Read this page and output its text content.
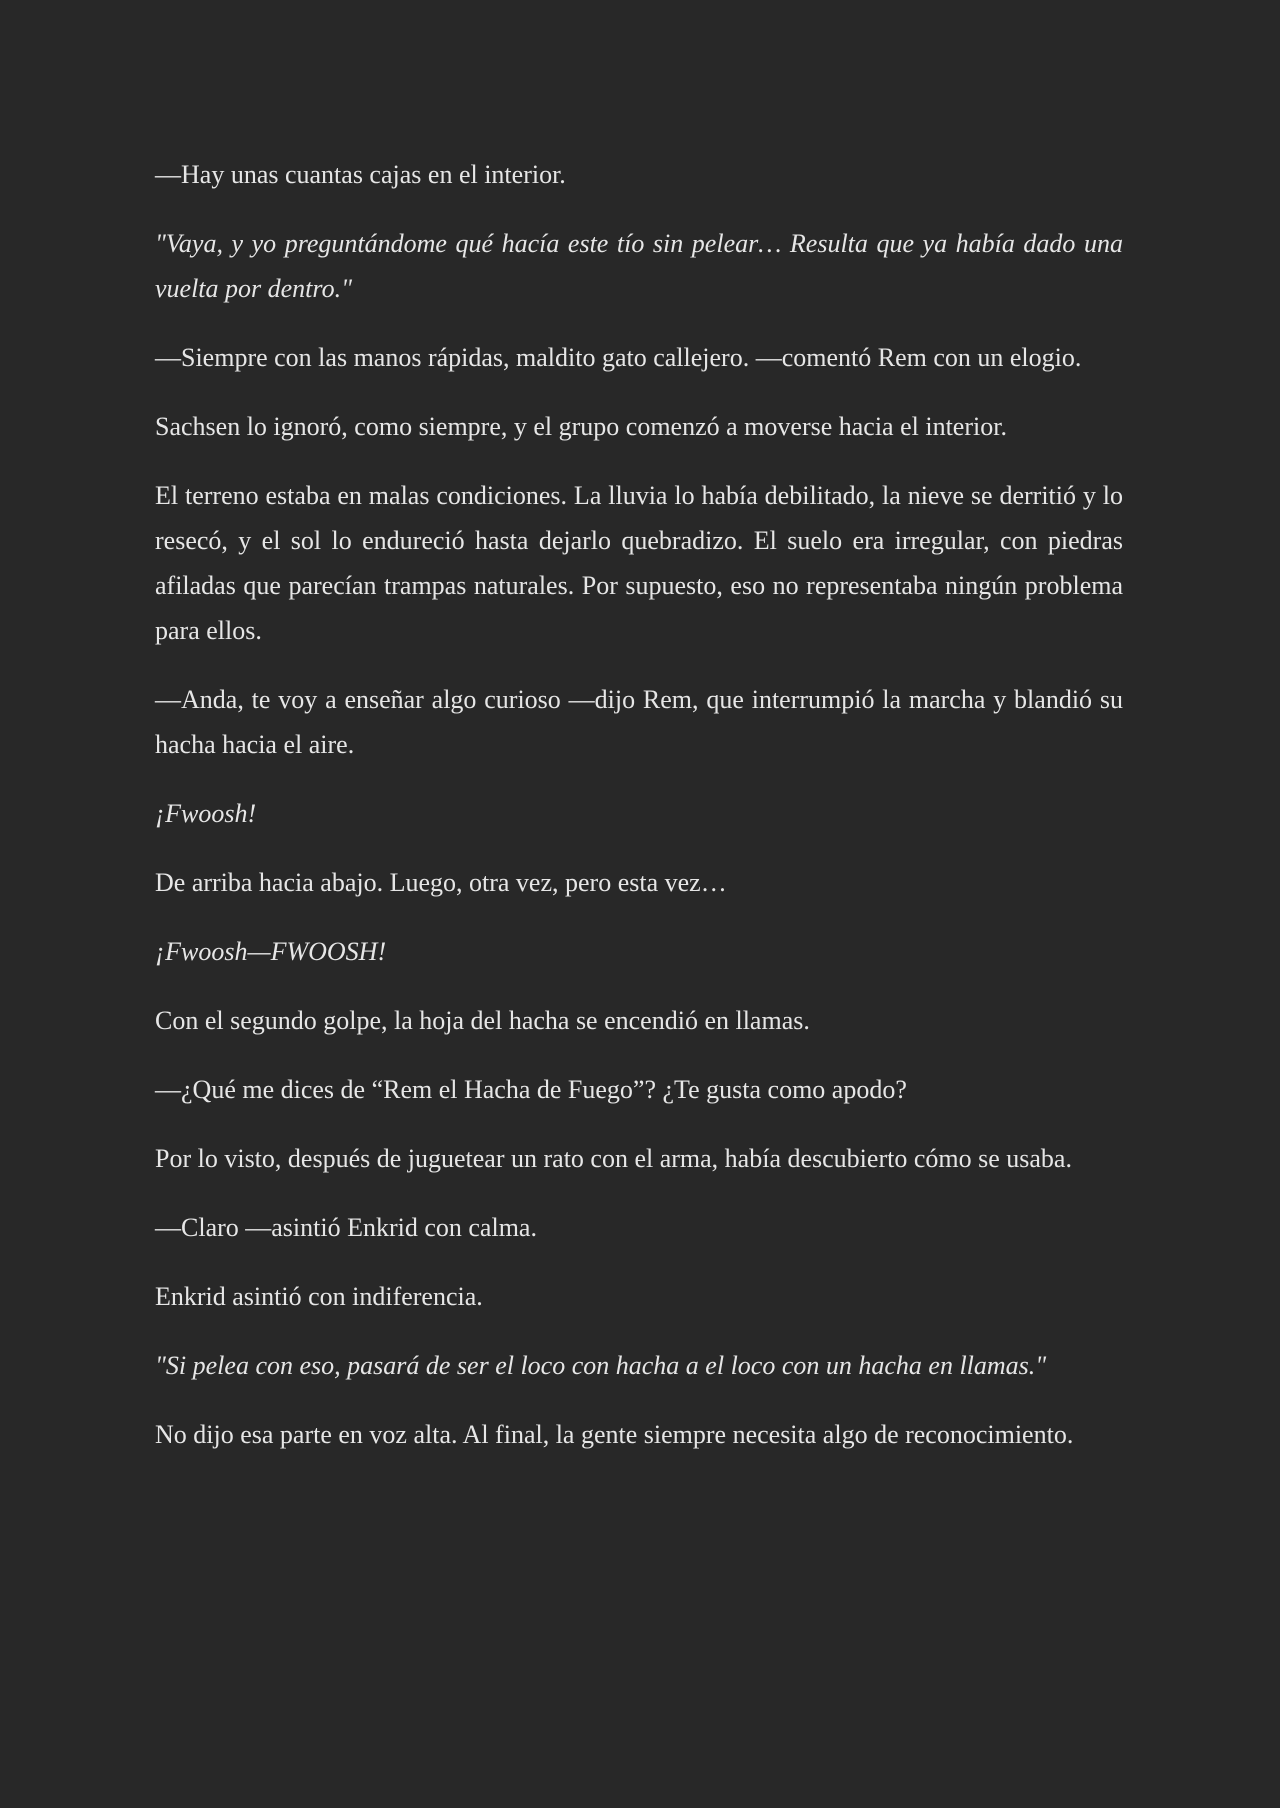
—Hay unas cuantas cajas en el interior.

"Vaya, y yo preguntándome qué hacía este tío sin pelear… Resulta que ya había dado una vuelta por dentro."

—Siempre con las manos rápidas, maldito gato callejero. —comentó Rem con un elogio.

Sachsen lo ignoró, como siempre, y el grupo comenzó a moverse hacia el interior.

El terreno estaba en malas condiciones. La lluvia lo había debilitado, la nieve se derritió y lo resecó, y el sol lo endureció hasta dejarlo quebradizo. El suelo era irregular, con piedras afiladas que parecían trampas naturales. Por supuesto, eso no representaba ningún problema para ellos.

—Anda, te voy a enseñar algo curioso —dijo Rem, que interrumpió la marcha y blandió su hacha hacia el aire.

¡Fwoosh!

De arriba hacia abajo. Luego, otra vez, pero esta vez…

¡Fwoosh—FWOOSH!

Con el segundo golpe, la hoja del hacha se encendió en llamas.

—¿Qué me dices de “Rem el Hacha de Fuego”? ¿Te gusta como apodo?

Por lo visto, después de juguetear un rato con el arma, había descubierto cómo se usaba.

—Claro —asintió Enkrid con calma.

Enkrid asintió con indiferencia.

"Si pelea con eso, pasará de ser el loco con hacha a el loco con un hacha en llamas."

No dijo esa parte en voz alta. Al final, la gente siempre necesita algo de reconocimiento.
